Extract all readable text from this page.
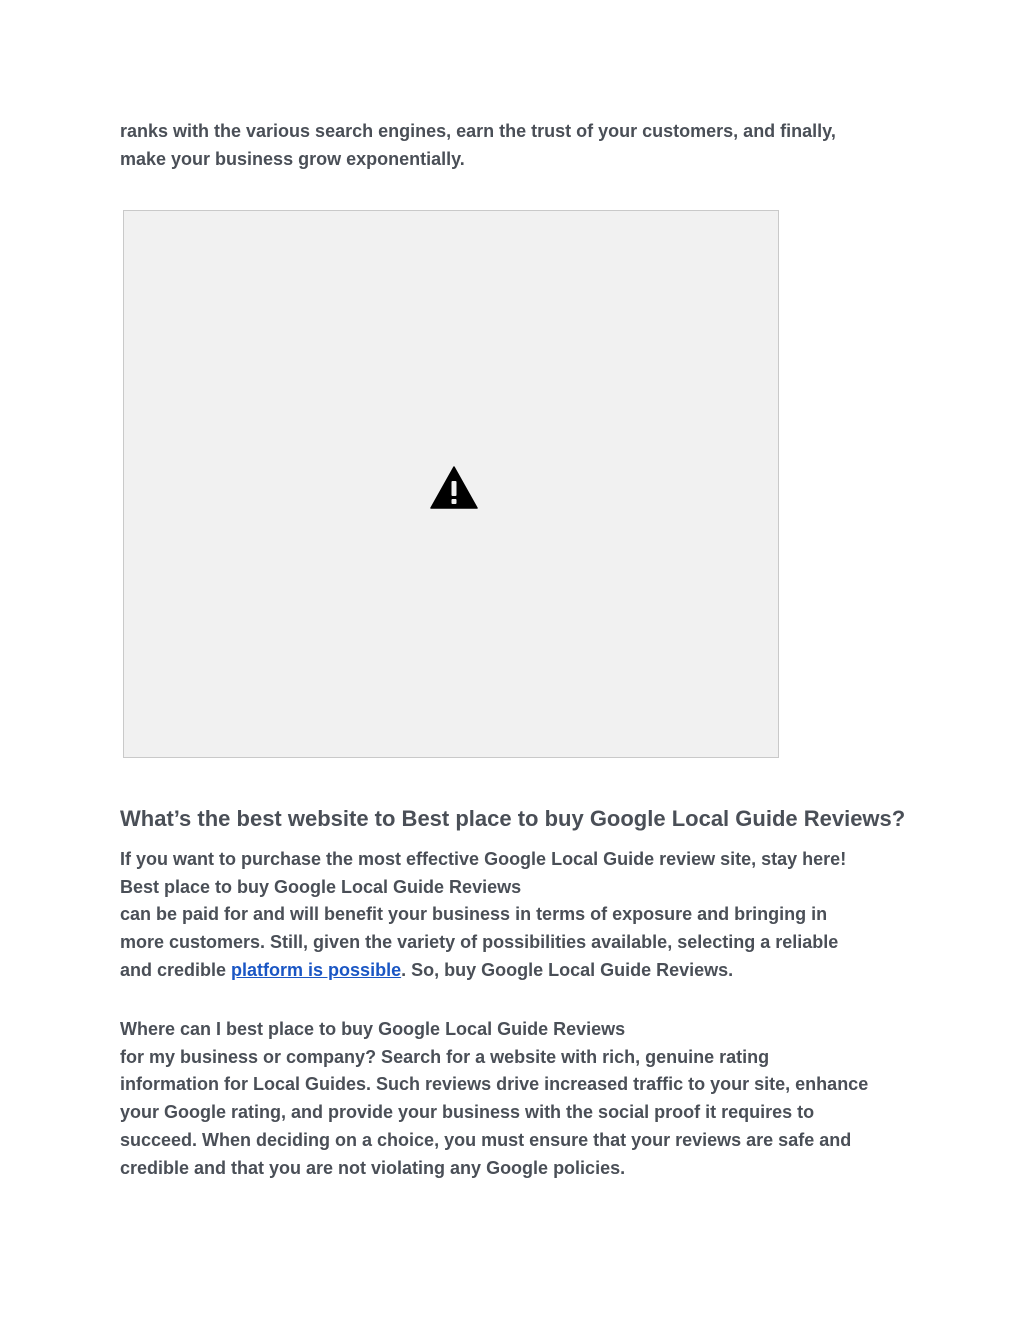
ranks with the various search engines, earn the trust of your customers, and finally,
make your business grow exponentially.

What’s the best website to Best place to buy Google Local Guide Reviews?

If you want to purchase the most effective Google Local Guide review site, stay here!
Best place to buy Google Local Guide Reviews
can be paid for and will benefit your business in terms of exposure and bringing in
more customers. Still, given the variety of possibilities available, selecting a reliable
and credible platform is possible. So, buy Google Local Guide Reviews.

Where can I best place to buy Google Local Guide Reviews
for my business or company? Search for a website with rich, genuine rating
information for Local Guides. Such reviews drive increased traffic to your site, enhance
your Google rating, and provide your business with the social proof it requires to
succeed. When deciding on a choice, you must ensure that your reviews are safe and
credible and that you are not violating any Google policies.
